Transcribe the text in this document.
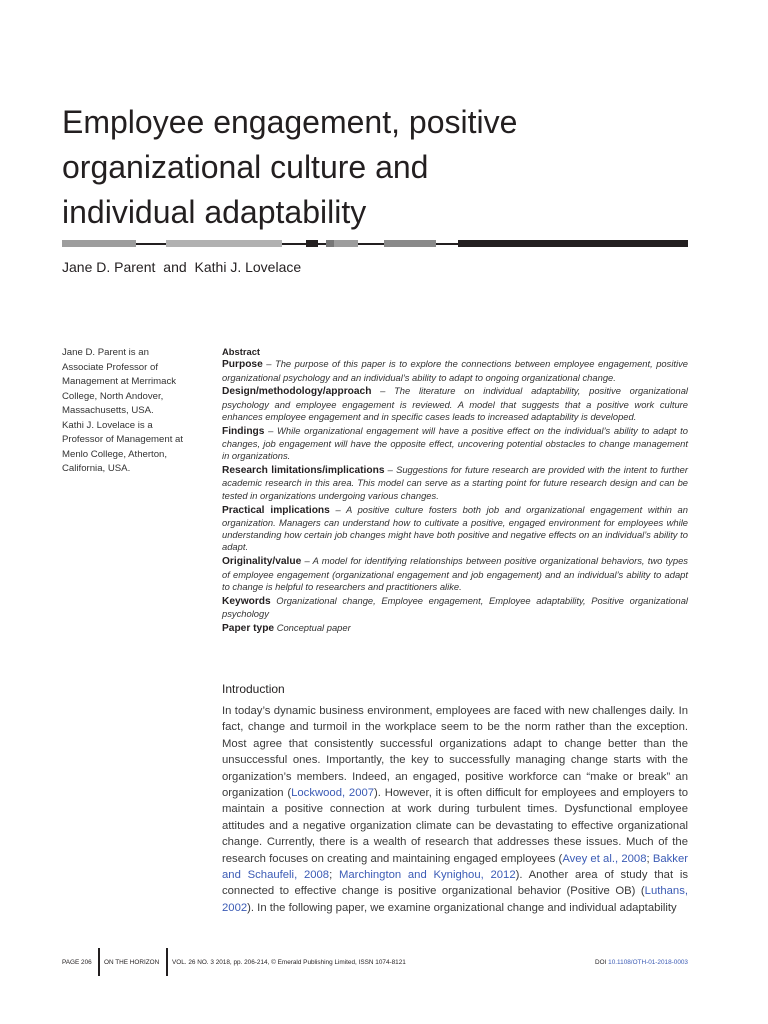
Employee engagement, positive
organizational culture and
individual adaptability
Jane D. Parent and Kathi J. Lovelace

Jane D. Parent is an Associate Professor of Management at Merrimack College, North Andover, Massachusetts, USA.

Kathi J. Lovelace is a Professor of Management at Menlo College, Atherton, California, USA.

Abstract

Purpose – The purpose of this paper is to explore the connections between employee engagement, positive organizational psychology and an individual’s ability to adapt to ongoing organizational change.

Design/methodology/approach – The literature on individual adaptability, positive organizational psychology and employee engagement is reviewed. A model that suggests that a positive work culture enhances employee engagement and in specific cases leads to increased adaptability is developed.

Findings – While organizational engagement will have a positive effect on the individual’s ability to adapt to changes, job engagement will have the opposite effect, uncovering potential obstacles to change management in organizations.

Research limitations/implications – Suggestions for future research are provided with the intent to further academic research in this area. This model can serve as a starting point for future research design and can be tested in organizations undergoing various changes.

Practical implications – A positive culture fosters both job and organizational engagement within an organization. Managers can understand how to cultivate a positive, engaged environment for employees while understanding how certain job changes might have both positive and negative effects on an individual’s ability to adapt.

Originality/value – A model for identifying relationships between positive organizational behaviors, two types of employee engagement (organizational engagement and job engagement) and an individual’s ability to adapt to change is helpful to researchers and practitioners alike.

Keywords Organizational change, Employee engagement, Employee adaptability, Positive organizational psychology

Paper type Conceptual paper

Introduction
In today’s dynamic business environment, employees are faced with new challenges daily. In fact, change and turmoil in the workplace seem to be the norm rather than the exception. Most agree that consistently successful organizations adapt to change better than the unsuccessful ones. Importantly, the key to successfully managing change starts with the organization’s members. Indeed, an engaged, positive workforce can “make or break” an organization (Lockwood, 2007). However, it is often difficult for employees and employers to maintain a positive connection at work during turbulent times. Dysfunctional employee attitudes and a negative organization climate can be devastating to effective organizational change. Currently, there is a wealth of research that addresses these issues. Much of the research focuses on creating and maintaining engaged employees (Avey et al., 2008; Bakker and Schaufeli, 2008; Marchington and Kynighou, 2012). Another area of study that is connected to effective change is positive organizational behavior (Positive OB) (Luthans, 2002). In the following paper, we examine organizational change and individual adaptability
PAGE 206 ON THE HORIZON VOL. 26 NO. 3 2018, pp. 206-214, © Emerald Publishing Limited, ISSN 1074-8121	DOI 10.1108/OTH-01-2018-0003
